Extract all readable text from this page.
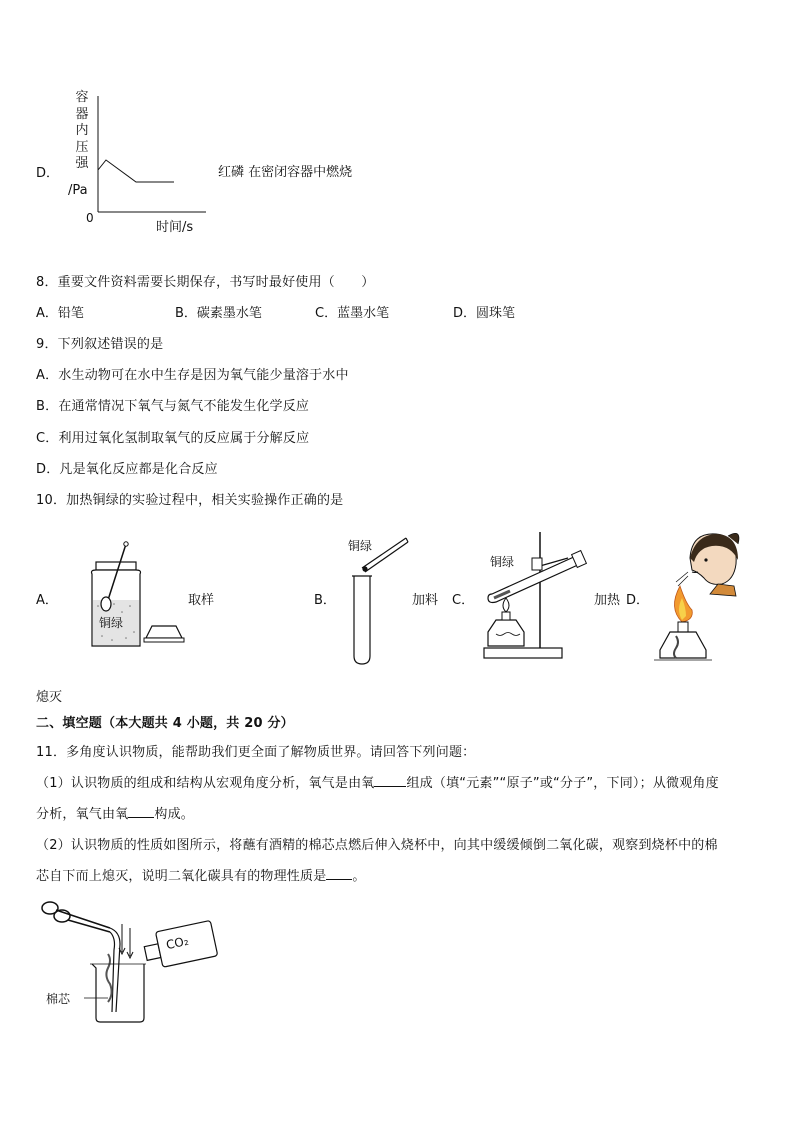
D．
容
器
内
压
强
/Pa
0
时间/s
红磷 在密闭容器中燃烧
8．重要文件资料需要长期保存，书写时最好使用（　　）
A．铅笔	B．碳素墨水笔	C．蓝墨水笔	D．圆珠笔
9．下列叙述错误的是
A．水生动物可在水中生存是因为氧气能少量溶于水中
B．在通常情况下氧气与氮气不能发生化学反应
C．利用过氧化氢制取氧气的反应属于分解反应
D．凡是氧化反应都是化合反应
10．加热铜绿的实验过程中，相关实验操作正确的是
A．
铜绿
取样	B．
铜绿
加料 C．
铜绿
加热 D．
熄灭
二、填空题（本大题共 4 小题，共 20 分）
11．多角度认识物质，能帮助我们更全面了解物质世界。请回答下列问题：
（1）认识物质的组成和结构从宏观角度分析，氧气是由氧 组成（填“元素”“原子”或“分子”，下同）；从微观角度
分析，氧气由氧 构成。
（2）认识物质的性质如图所示，将蘸有酒精的棉芯点燃后伸入烧杯中，向其中缓缓倾倒二氧化碳，观察到烧杯中的棉
芯自下而上熄灭，说明二氧化碳具有的物理性质是 。
CO₂
棉芯
